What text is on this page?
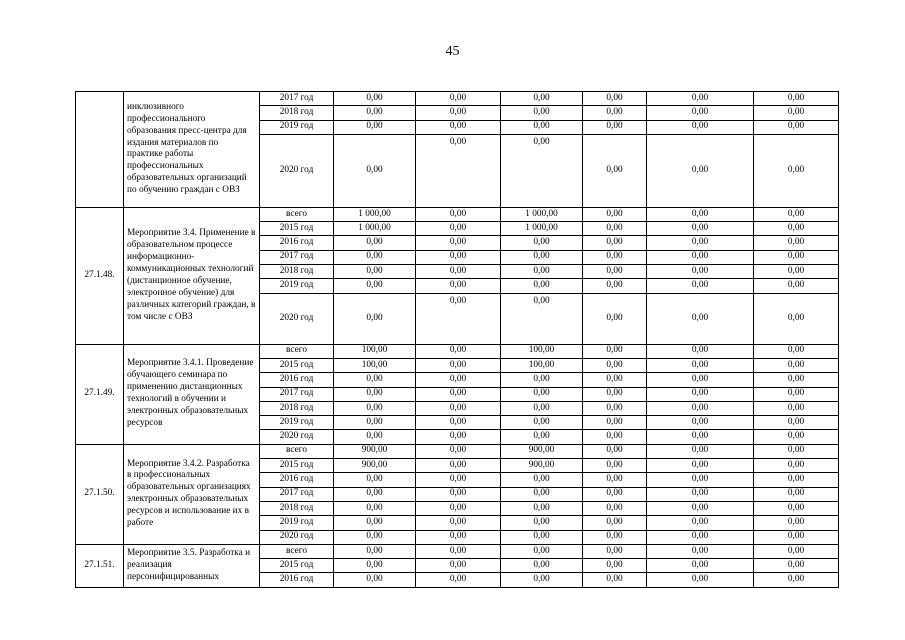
45
	инклюзивного профессионального образования пресс-центра для издания материалов по практике работы профессиональных образовательных организаций по обучению граждан с ОВЗ	2017 год	0,00	0,00	0,00	0,00	0,00	0,00
		2018 год	0,00	0,00	0,00	0,00	0,00	0,00
		2019 год	0,00	0,00	0,00	0,00	0,00	0,00
		2020 год	0,00	0,00	0,00	0,00	0,00	0,00
27.1.48.	Мероприятие 3.4. Применение в образовательном процессе информационно-коммуникационных технологий (дистанционное обучение, электронное обучение) для различных категорий граждан, в том числе с ОВЗ	всего	1 000,00	0,00	1 000,00	0,00	0,00	0,00
		2015 год	1 000,00	0,00	1 000,00	0,00	0,00	0,00
		2016 год	0,00	0,00	0,00	0,00	0,00	0,00
		2017 год	0,00	0,00	0,00	0,00	0,00	0,00
		2018 год	0,00	0,00	0,00	0,00	0,00	0,00
		2019 год	0,00	0,00	0,00	0,00	0,00	0,00
		2020 год	0,00	0,00	0,00	0,00	0,00	0,00
27.1.49.	Мероприятие 3.4.1. Проведение обучающего семинара по применению дистанционных технологий в обучении и электронных образовательных ресурсов	всего	100,00	0,00	100,00	0,00	0,00	0,00
		2015 год	100,00	0,00	100,00	0,00	0,00	0,00
		2016 год	0,00	0,00	0,00	0,00	0,00	0,00
		2017 год	0,00	0,00	0,00	0,00	0,00	0,00
		2018 год	0,00	0,00	0,00	0,00	0,00	0,00
		2019 год	0,00	0,00	0,00	0,00	0,00	0,00
		2020 год	0,00	0,00	0,00	0,00	0,00	0,00
27.1.50.	Мероприятие 3.4.2. Разработка в профессиональных образовательных организациях электронных образовательных ресурсов и использование их в работе	всего	900,00	0,00	900,00	0,00	0,00	0,00
		2015 год	900,00	0,00	900,00	0,00	0,00	0,00
		2016 год	0,00	0,00	0,00	0,00	0,00	0,00
		2017 год	0,00	0,00	0,00	0,00	0,00	0,00
		2018 год	0,00	0,00	0,00	0,00	0,00	0,00
		2019 год	0,00	0,00	0,00	0,00	0,00	0,00
		2020 год	0,00	0,00	0,00	0,00	0,00	0,00
27.1.51.	Мероприятие 3.5. Разработка и реализация персонифицированных	всего	0,00	0,00	0,00	0,00	0,00	0,00
		2015 год	0,00	0,00	0,00	0,00	0,00	0,00
		2016 год	0,00	0,00	0,00	0,00	0,00	0,00
